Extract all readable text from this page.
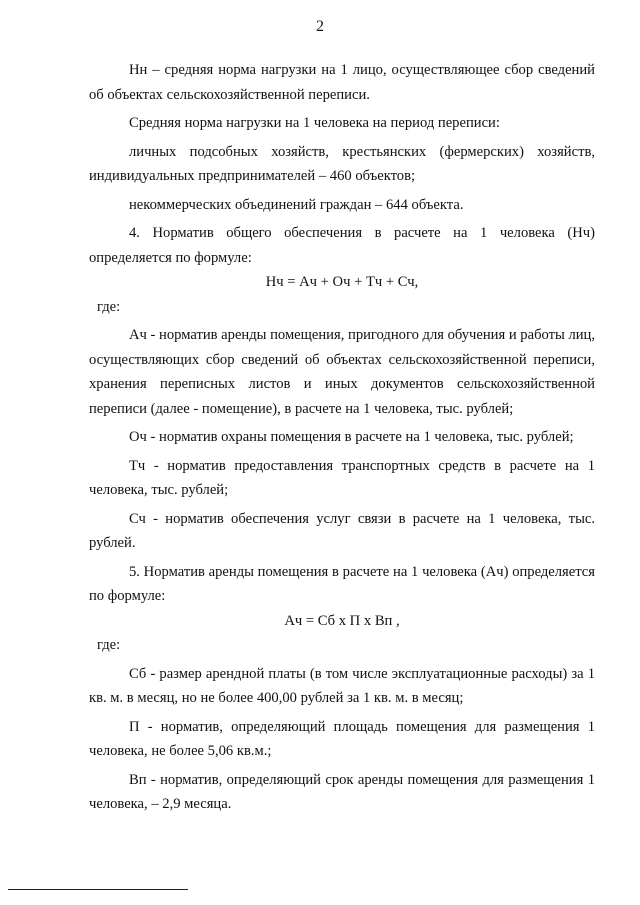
2

Нн – средняя норма нагрузки на 1 лицо, осуществляющее сбор сведений об объектах сельскохозяйственной переписи.

Средняя норма нагрузки на 1 человека на период переписи:

личных подсобных хозяйств, крестьянских (фермерских) хозяйств, индивидуальных предпринимателей – 460 объектов;

некоммерческих объединений граждан – 644 объекта.

4. Норматив общего обеспечения в расчете на 1 человека (Нч) определяется по формуле:

Нч = Ач + Оч + Тч + Сч,

где:

Ач - норматив аренды помещения, пригодного для обучения и работы лиц, осуществляющих сбор сведений об объектах сельскохозяйственной переписи, хранения переписных листов и иных документов сельскохозяйственной переписи (далее - помещение), в расчете на 1 человека, тыс. рублей;

Оч - норматив охраны помещения в расчете на 1 человека, тыс. рублей;

Тч - норматив предоставления транспортных средств в расчете на 1 человека, тыс. рублей;

Сч - норматив обеспечения услуг связи в расчете на 1 человека, тыс. рублей.

5. Норматив аренды помещения в расчете на 1 человека (Ач) определяется по формуле:

Ач = Сб х П х Вп ,

где:

Сб - размер арендной платы (в том числе эксплуатационные расходы) за 1 кв. м. в месяц, но не более 400,00 рублей за 1 кв. м. в месяц;

П - норматив, определяющий площадь помещения для размещения 1 человека, не более 5,06 кв.м.;

Вп - норматив, определяющий срок аренды помещения для размещения 1 человека, – 2,9 месяца.
